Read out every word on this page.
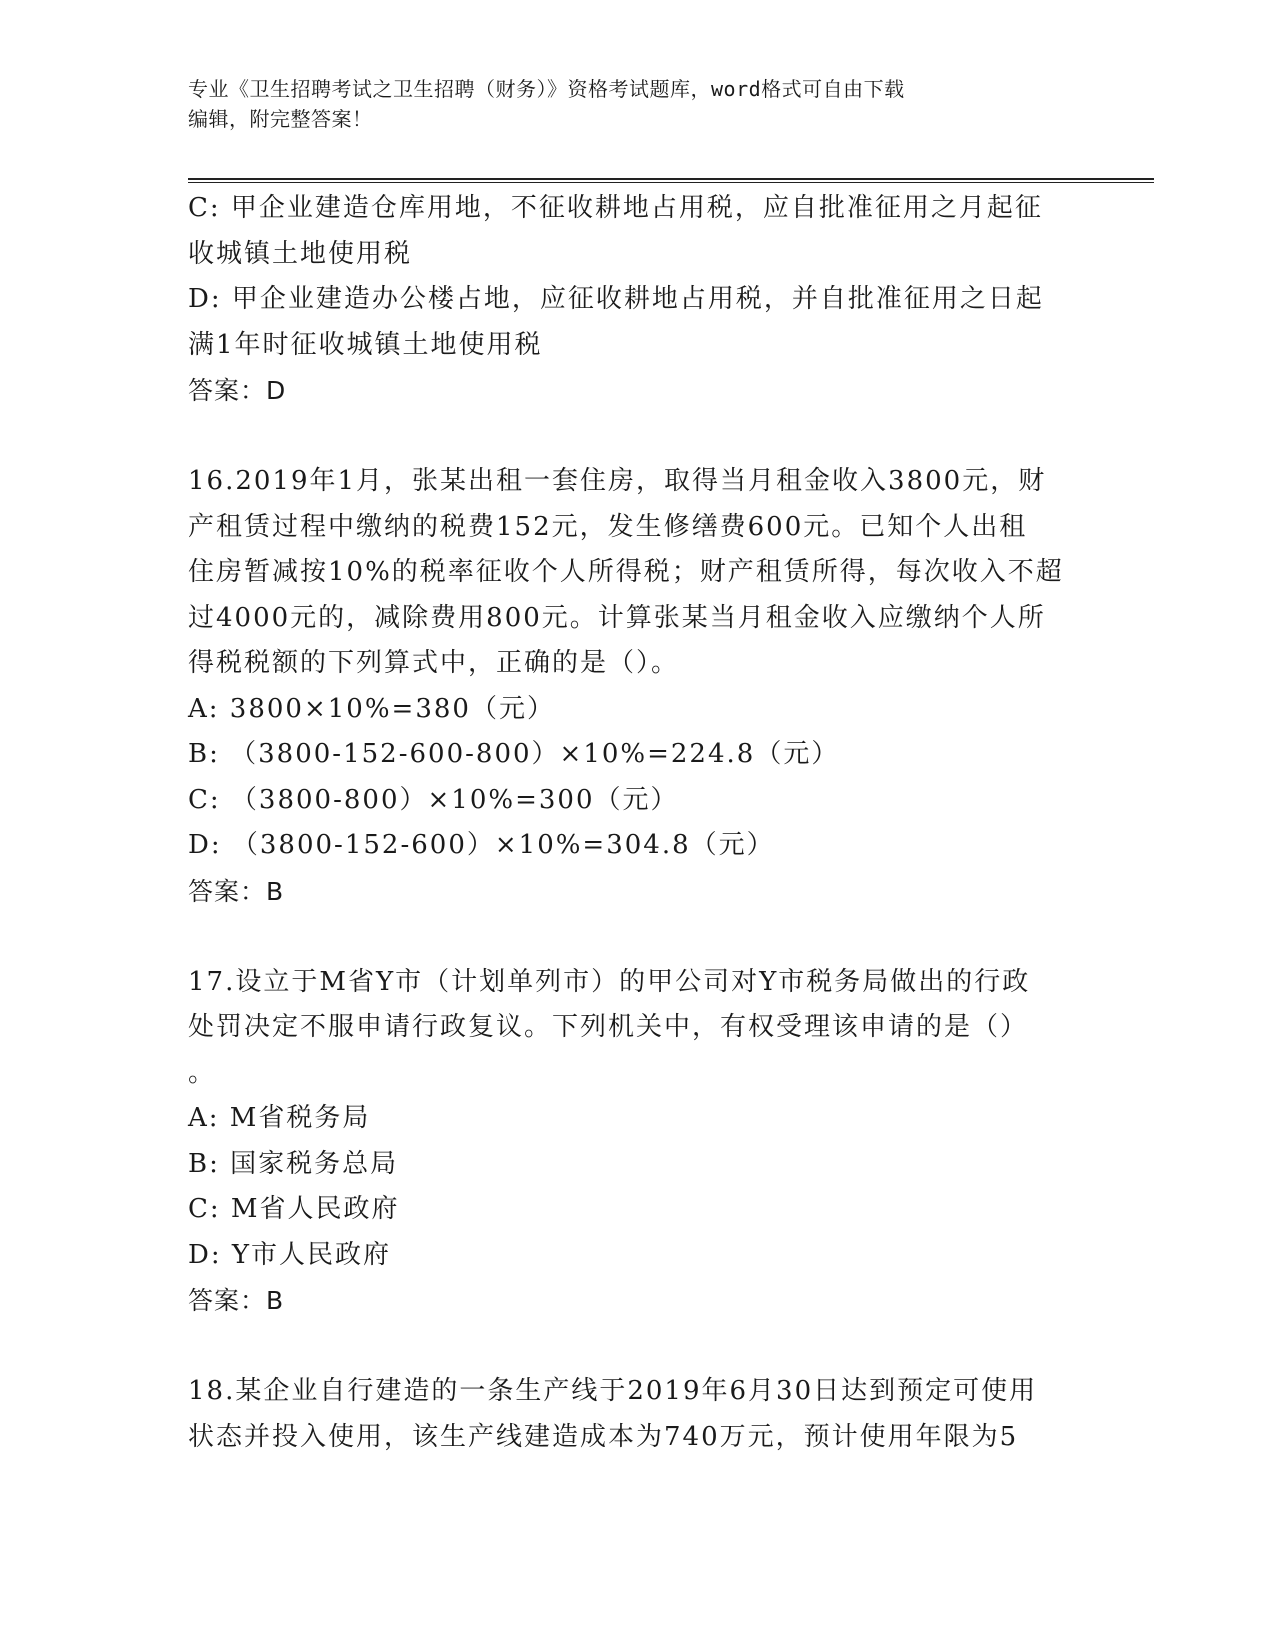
专业《卫生招聘考试之卫生招聘（财务）》资格考试题库，word格式可自由下载
编辑，附完整答案！
C: 甲企业建造仓库用地，不征收耕地占用税，应自批准征用之月起征
收城镇土地使用税
D: 甲企业建造办公楼占地，应征收耕地占用税，并自批准征用之日起
满1年时征收城镇土地使用税
答案：D
16.2019年1月，张某出租一套住房，取得当月租金收入3800元，财
产租赁过程中缴纳的税费152元，发生修缮费600元。已知个人出租
住房暂减按10%的税率征收个人所得税；财产租赁所得，每次收入不超
过4000元的，减除费用800元。计算张某当月租金收入应缴纳个人所
得税税额的下列算式中，正确的是（）。
A: 3800×10%=380（元）
B: （3800-152-600-800）×10%=224.8（元）
C: （3800-800）×10%=300（元）
D: （3800-152-600）×10%=304.8（元）
答案：B
17.设立于M省Y市（计划单列市）的甲公司对Y市税务局做出的行政
处罚决定不服申请行政复议。下列机关中，有权受理该申请的是（）
。
A: M省税务局
B: 国家税务总局
C: M省人民政府
D: Y市人民政府
答案：B
18.某企业自行建造的一条生产线于2019年6月30日达到预定可使用
状态并投入使用，该生产线建造成本为740万元，预计使用年限为5
